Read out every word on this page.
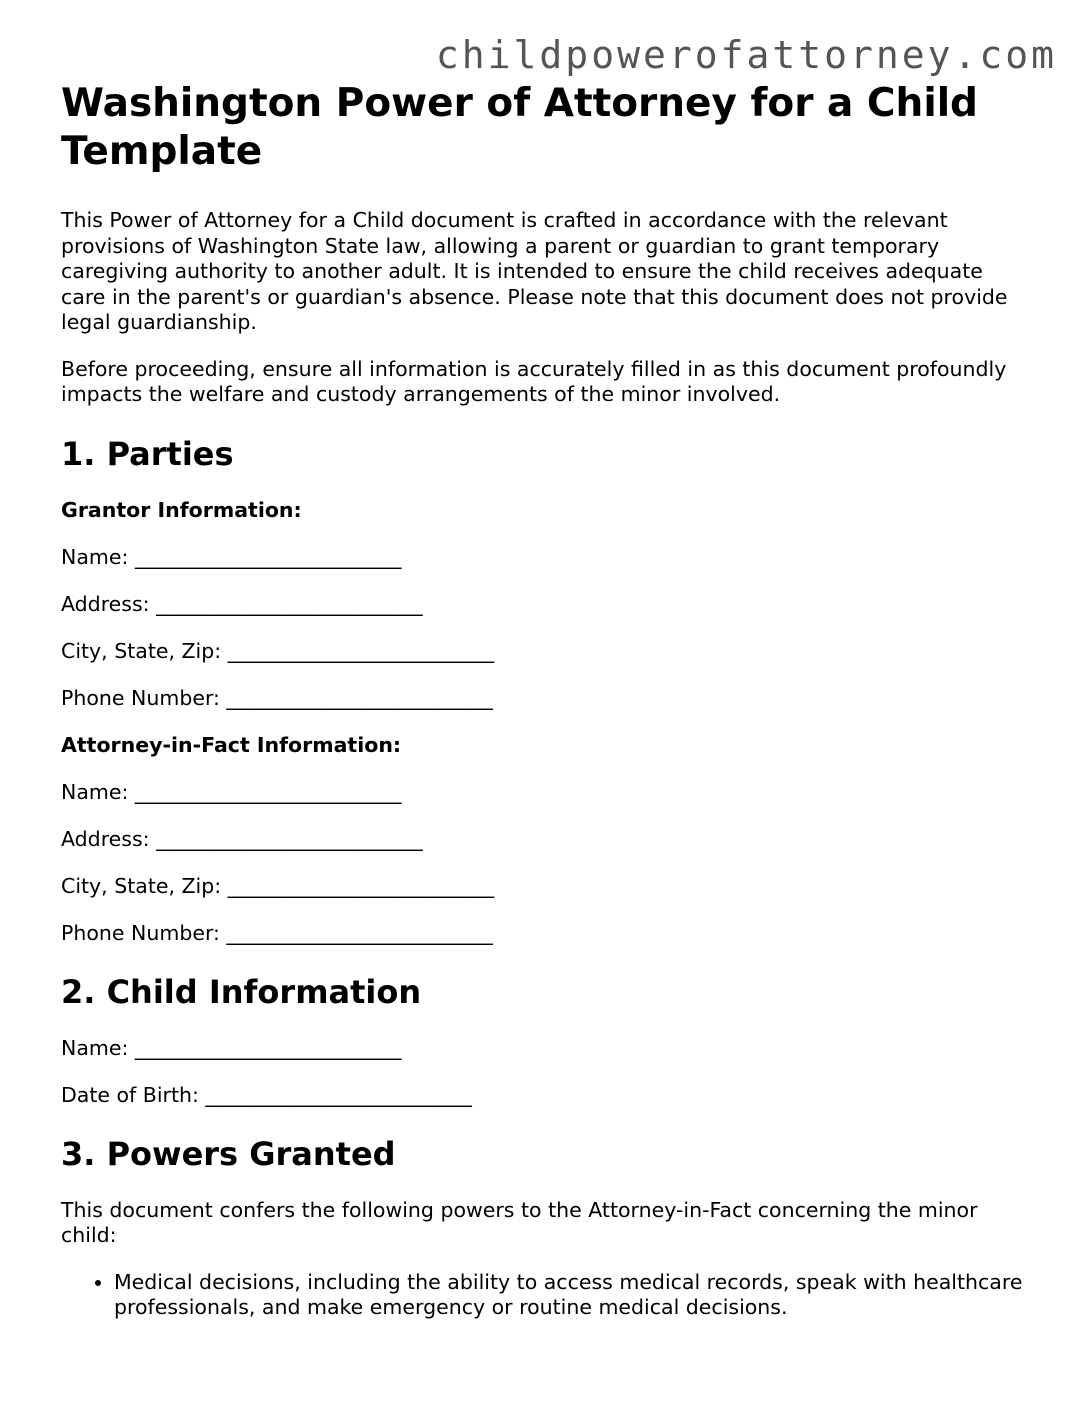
childpowerofattorney.com
Washington Power of Attorney for a Child Template

This Power of Attorney for a Child document is crafted in accordance with the relevant provisions of Washington State law, allowing a parent or guardian to grant temporary caregiving authority to another adult. It is intended to ensure the child receives adequate care in the parent's or guardian's absence. Please note that this document does not provide legal guardianship.

Before proceeding, ensure all information is accurately filled in as this document profoundly impacts the welfare and custody arrangements of the minor involved.

1. Parties
Grantor Information:
Name: __________________________
Address: __________________________
City, State, Zip: __________________________
Phone Number: __________________________
Attorney-in-Fact Information:
Name: __________________________
Address: __________________________
City, State, Zip: __________________________
Phone Number: __________________________
2. Child Information
Name: __________________________
Date of Birth: __________________________
3. Powers Granted

This document confers the following powers to the Attorney-in-Fact concerning the minor child:

• Medical decisions, including the ability to access medical records, speak with healthcare professionals, and make emergency or routine medical decisions.
